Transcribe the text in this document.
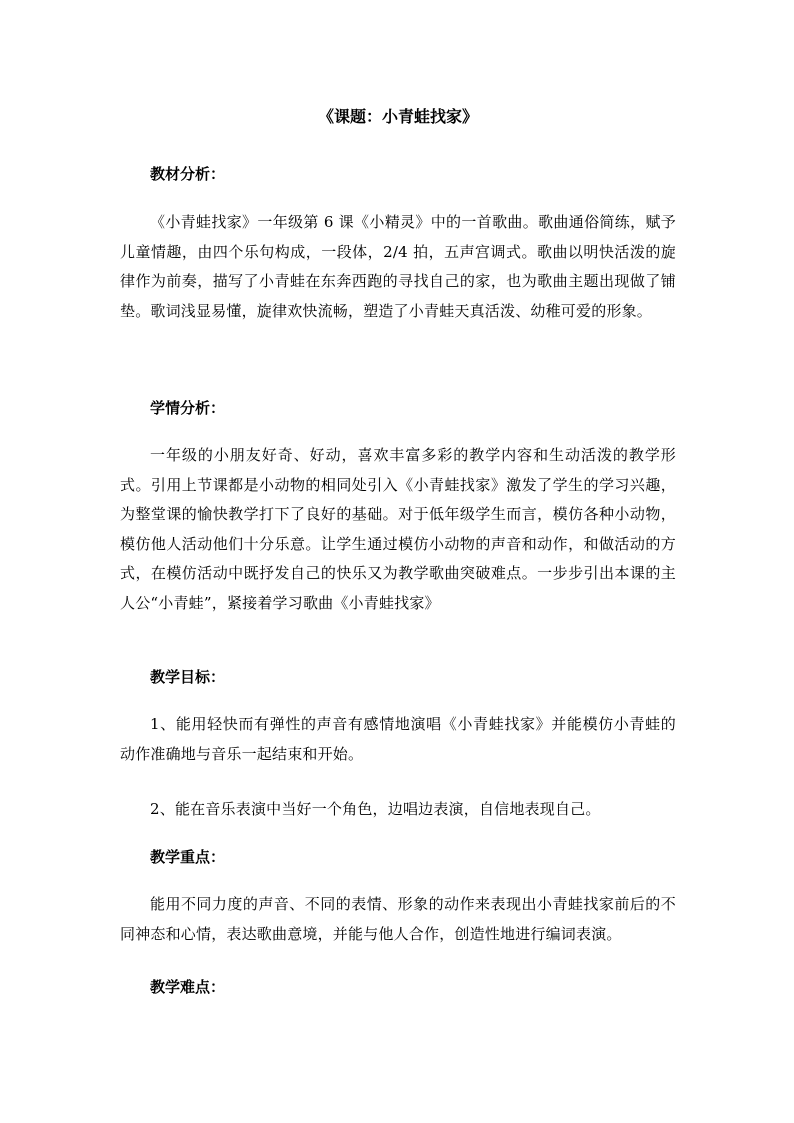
《课题：小青蛙找家》
教材分析：

《小青蛙找家》一年级第 6 课《小精灵》中的一首歌曲。歌曲通俗简练，赋予儿童情趣，由四个乐句构成，一段体，2/4 拍，五声宫调式。歌曲以明快活泼的旋律作为前奏，描写了小青蛙在东奔西跑的寻找自己的家，也为歌曲主题出现做了铺垫。歌词浅显易懂，旋律欢快流畅，塑造了小青蛙天真活泼、幼稚可爱的形象。

学情分析：

一年级的小朋友好奇、好动，喜欢丰富多彩的教学内容和生动活泼的教学形式。引用上节课都是小动物的相同处引入《小青蛙找家》激发了学生的学习兴趣，为整堂课的愉快教学打下了良好的基础。对于低年级学生而言，模仿各种小动物，模仿他人活动他们十分乐意。让学生通过模仿小动物的声音和动作，和做活动的方式，在模仿活动中既抒发自己的快乐又为教学歌曲突破难点。一步步引出本课的主人公“小青蛙”，紧接着学习歌曲《小青蛙找家》

教学目标：

1、能用轻快而有弹性的声音有感情地演唱《小青蛙找家》并能模仿小青蛙的动作准确地与音乐一起结束和开始。

2、能在音乐表演中当好一个角色，边唱边表演，自信地表现自己。

教学重点：

能用不同力度的声音、不同的表情、形象的动作来表现出小青蛙找家前后的不同神态和心情，表达歌曲意境，并能与他人合作，创造性地进行编词表演。

教学难点：
